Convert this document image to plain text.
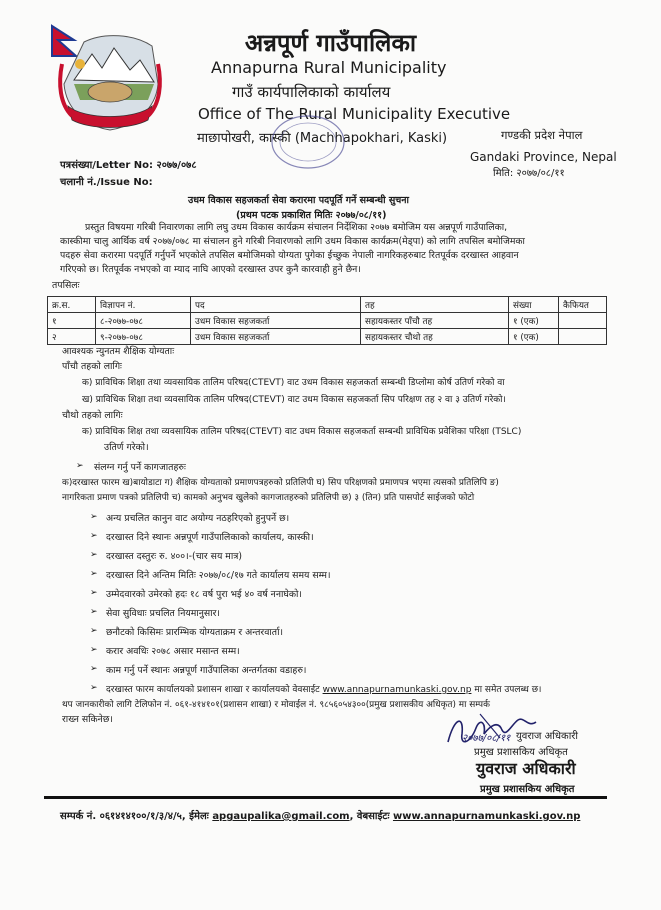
अन्नपूर्ण गाउँपालिका
Annapurna Rural Municipality
गाउँ कार्यपालिकाको कार्यालय
Office of The Rural Municipality Executive
माछापोखरी, कास्की (Machhapokhari, Kaski)	गण्डकी प्रदेश नेपाल
Gandaki Province, Nepal
मिति: २०७७/०८/११
पत्रसंख्या/Letter No: २०७७/०७८
चलानी नं./Issue No:
उधम विकास सहजकर्ता सेवा करारमा पदपूर्ति गर्ने सम्बन्धी सुचना
(प्रथम पटक प्रकाशित मितिः २०७७/०८/११)
प्रस्तुत विषयमा गरिबी निवारणका लागि लघु उधम विकास कार्यक्रम संचालन निर्देशिका २०७७ बमोजिम यस अन्नपूर्ण गाउँपालिका,
कास्कीमा चालु आर्थिक वर्ष २०७७/०७८ मा संचालन हुने गरिबी निवारणको लागि उधम विकास कार्यक्रम(मेड्पा) को लागि तपसिल बमोजिमका
पदहरु सेवा करारमा पदपूर्ति गर्नुपर्ने भएकोले तपसिल बमोजिमको योग्यता पुगेका ईच्छुक नेपाली नागरिकहरुबाट रितपूर्वक दरखास्त आहवान
गरिएको छ। रितपूर्वक नभएको वा म्याद नाघि आएको दरखास्त उपर कुनै कारवाही हुने छैन।
तपसिलः
क्र.स.	विज्ञापन नं.	पद	तह	संख्या	कैफियत
१	८-२०७७-०७८	उधम विकास सहजकर्ता	सहायकस्तर पाँचौ तह	१ (एक)	
२	९-२०७७-०७८	उधम विकास सहजकर्ता	सहायकस्तर चौथो तह	१ (एक)	
आवश्यक न्युनतम शैक्षिक योग्यताः
पाँचौ तहको लागिः
क) प्राविधिक शिक्षा तथा व्यवसायिक तालिम परिषद(CTEVT) वाट उधम विकास सहजकर्ता सम्बन्धी डिप्लोमा कोर्ष उतिर्ण गरेको वा
ख) प्राविधिक शिक्षा तथा व्यवसायिक तालिम परिषद(CTEVT) वाट उधम विकास सहजकर्ता सिप परिक्षण तह २ वा ३ उतिर्ण गरेको।
चौथो तहको लागिः
क) प्राविधिक शिक्ष तथा व्यवसायिक तालिम परिषद(CTEVT) वाट उधम विकास सहजकर्ता सम्बन्धी प्राविधिक प्रवेशिका परिक्षा (TSLC)
उतिर्ण गरेको।
➢ संलग्न गर्नु पर्ने कागजातहरुः
क)दरखास्त फारम ख)बायोडाटा ग) शैक्षिक योग्यताको प्रमाणपत्रहरुको प्रतिलिपी घ) सिप परिक्षणको प्रमाणपत्र भएमा त्यसको प्रतिलिपि ङ)
नागरिकता प्रमाण पत्रको प्रतिलिपी च) कामको अनुभव खुलेको कागजातहरुको प्रतिलिपी छ) ३ (तिन) प्रति पासपोर्ट साईजको फोटो
➢ अन्य प्रचलित कानुन वाट अयोग्य नठहरिएको हुनुपर्ने छ।
➢ दरखास्त दिने स्थानः अन्नपूर्ण गाउँपालिकाको कार्यालय, कास्की।
➢ दरखास्त दस्तुरः रु. ४००।-(चार सय मात्र)
➢ दरखास्त दिने अन्तिम मितिः २०७७/०८/१७ गते कार्यालय समय सम्म।
➢ उम्मेदवारको उमेरको हदः १८ वर्ष पुरा भई ४० वर्ष ननाघेको।
➢ सेवा सुविधाः प्रचलित नियमानुसार।
➢ छनौटको किसिमः प्रारम्भिक योग्यताक्रम र अन्तरवार्ता।
➢ करार अवधिः २०७८ असार मसान्त सम्म।
➢ काम गर्नु पर्ने स्थानः अन्नपूर्ण गाउँपालिका अन्तर्गतका वडाहरु।
➢ दरखास्त फारम कार्यालयको प्रशासन शाखा र कार्यालयको वेवसाईट www.annapurnamunkaski.gov.np मा समेत उपलब्ध छ।
थप जानकारीको लागि टेलिफोन नं. ०६१-४१४१०१(प्रशासन शाखा) र मोवाईल नं. ९८५६०५४३००(प्रमुख प्रशासकीय अधिकृत) मा सम्पर्क
राख्न सकिनेछ।
२०७७/०८/११ युवराज अधिकारी
प्रमुख प्रशासकिय अधिकृत
युवराज अधिकारी
प्रमुख प्रशासकिय अधिकृत
सम्पर्क नं. ०६१४१४१००/१/३/४/५, ईमेलः apgaupalika@gmail.com, वेबसाईटः www.annapurnamunkaski.gov.np
